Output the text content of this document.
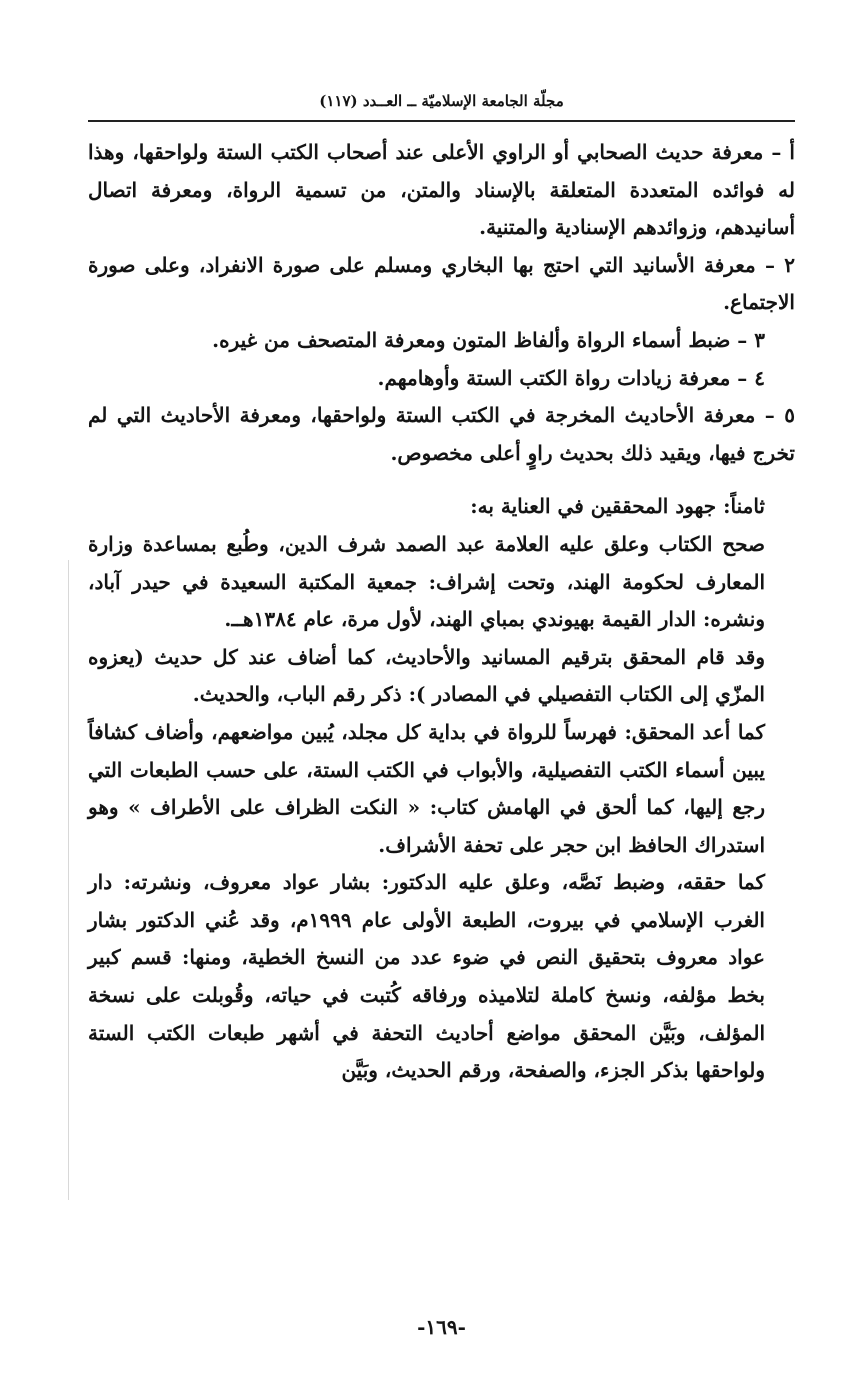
مجلّة الجامعة الإسلاميّة ــ العــدد (١١٧)

أ – معرفة حديث الصحابي أو الراوي الأعلى عند أصحاب الكتب الستة ولواحقها، وهذا له فوائده المتعددة المتعلقة بالإسناد والمتن، من تسمية الرواة، ومعرفة اتصال أسانيدهم، وزوائدهم الإسنادية والمتنية.

٢ – معرفة الأسانيد التي احتج بها البخاري ومسلم على صورة الانفراد، وعلى صورة الاجتماع.

٣ – ضبط أسماء الرواة وألفاظ المتون ومعرفة المتصحف من غيره.

٤ – معرفة زيادات رواة الكتب الستة وأوهامهم.

٥ – معرفة الأحاديث المخرجة في الكتب الستة ولواحقها، ومعرفة الأحاديث التي لم تخرج فيها، ويقيد ذلك بحديث راوٍ أعلى مخصوص.

ثامناً: جهود المحققين في العناية به:

صحح الكتاب وعلق عليه العلامة عبد الصمد شرف الدين، وطُبع بمساعدة وزارة المعارف لحكومة الهند، وتحت إشراف: جمعية المكتبة السعيدة في حيدر آباد، ونشره: الدار القيمة بهيوندي بمباي الهند، لأول مرة، عام ١٣٨٤هــ.

وقد قام المحقق بترقيم المسانيد والأحاديث، كما أضاف عند كل حديث (يعزوه المزّي إلى الكتاب التفصيلي في المصادر ): ذكر رقم الباب، والحديث.

كما أعد المحقق: فهرساً للرواة في بداية كل مجلد، يُبين مواضعهم، وأضاف كشافاً يبين أسماء الكتب التفصيلية، والأبواب في الكتب الستة، على حسب الطبعات التي رجع إليها، كما ألحق في الهامش كتاب: « النكت الظراف على الأطراف » وهو استدراك الحافظ ابن حجر على تحفة الأشراف.

كما حققه، وضبط نَصَّه، وعلق عليه الدكتور: بشار عواد معروف، ونشرته: دار الغرب الإسلامي في بيروت، الطبعة الأولى عام ١٩٩٩م، وقد عُني الدكتور بشار عواد معروف بتحقيق النص في ضوء عدد من النسخ الخطية، ومنها: قسم كبير بخط مؤلفه، ونسخ كاملة لتلاميذه ورفاقه كُتبت في حياته، وقُوبلت على نسخة المؤلف، وبَيَّن المحقق مواضع أحاديث التحفة في أشهر طبعات الكتب الستة ولواحقها بذكر الجزء، والصفحة، ورقم الحديث، وبَيَّن

-١٦٩-
